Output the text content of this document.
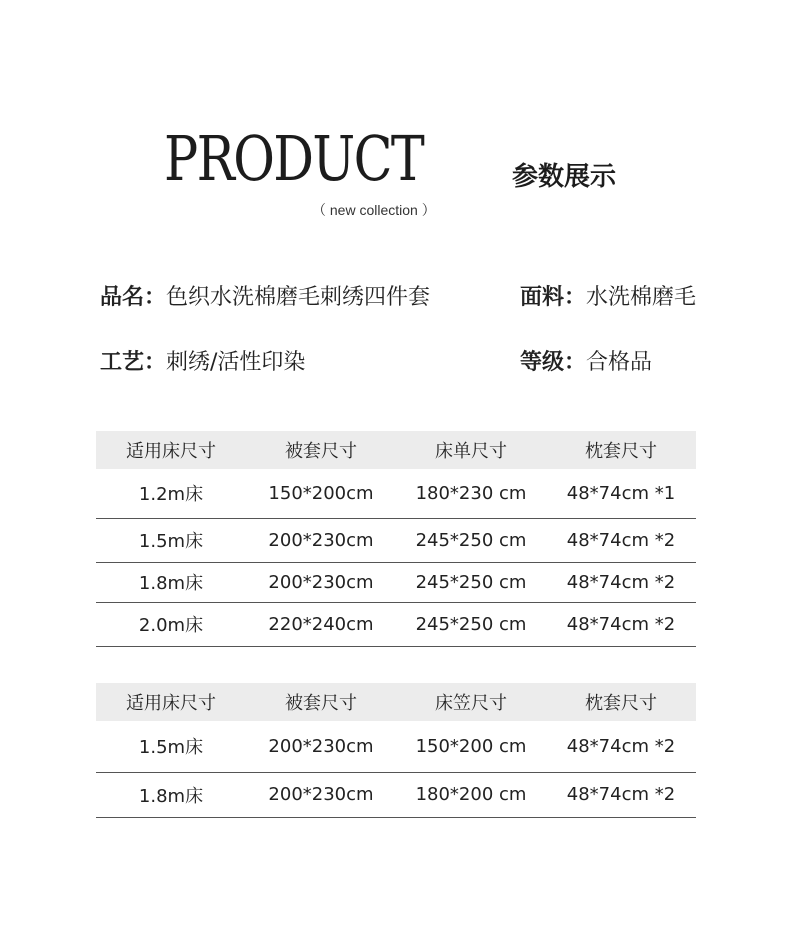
PRODUCT
（ new collection ）
参数展示
品名：色织水洗棉磨毛刺绣四件套	面料：水洗棉磨毛
工艺：刺绣/活性印染	等级：合格品
适用床尺寸	被套尺寸	床单尺寸	枕套尺寸
1.2m床	150*200cm	180*230 cm	48*74cm *1
1.5m床	200*230cm	245*250 cm	48*74cm *2
1.8m床	200*230cm	245*250 cm	48*74cm *2
2.0m床	220*240cm	245*250 cm	48*74cm *2
适用床尺寸	被套尺寸	床笠尺寸	枕套尺寸
1.5m床	200*230cm	150*200 cm	48*74cm *2
1.8m床	200*230cm	180*200 cm	48*74cm *2
